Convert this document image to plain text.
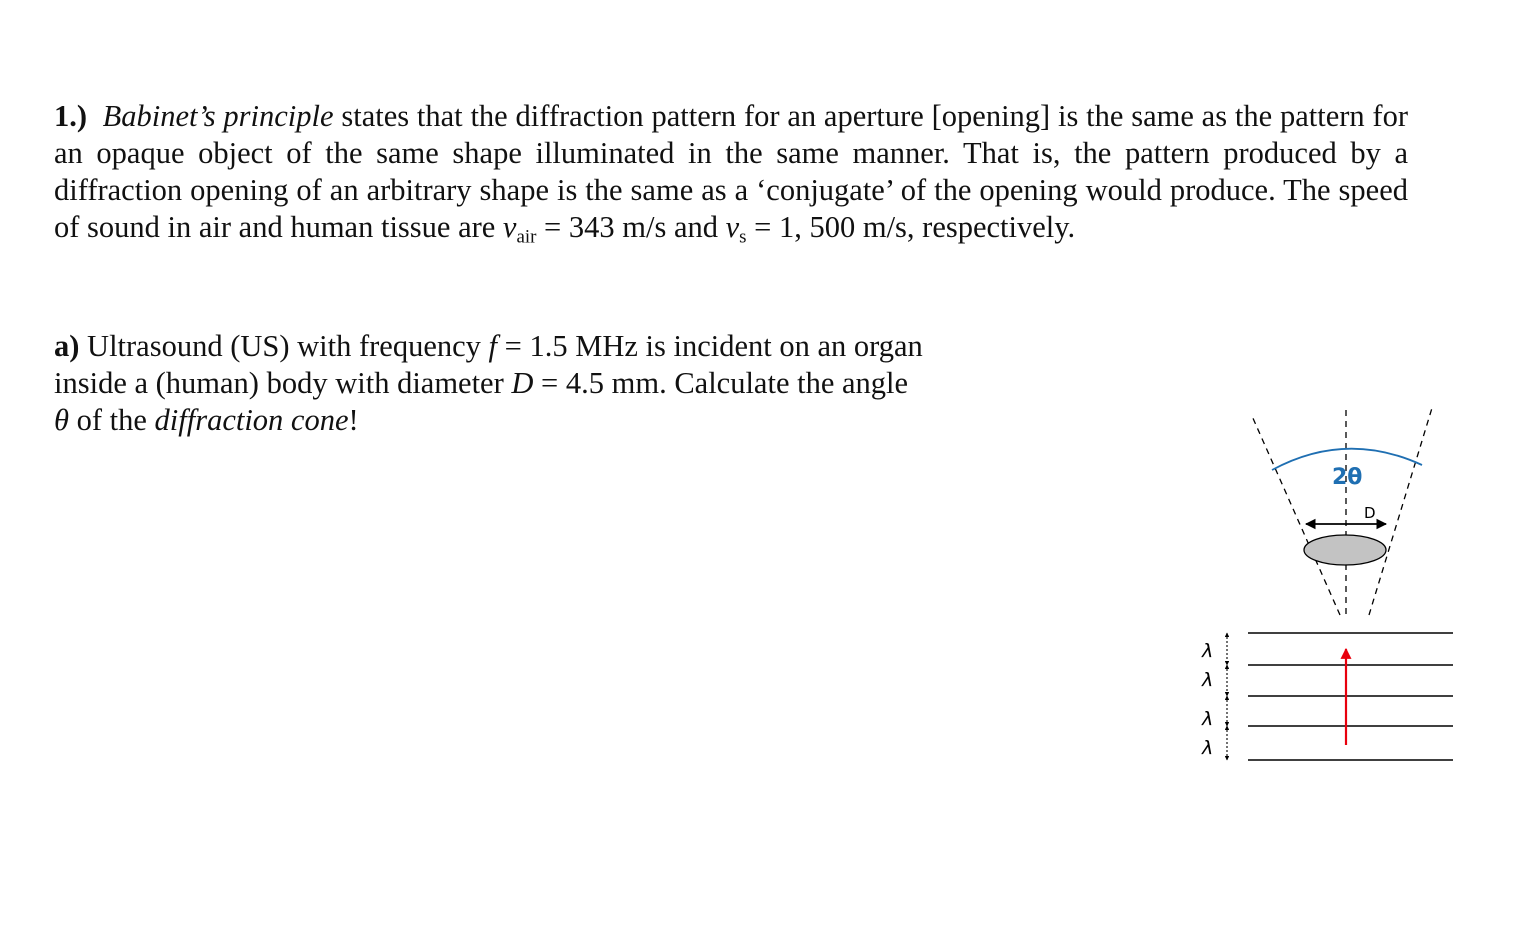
1.) Babinet’s principle states that the diffraction pattern for an aperture [opening] is the same as the pattern for an opaque object of the same shape illuminated in the same manner. That is, the pattern produced by a diffraction opening of an arbitrary shape is the same as a ‘conjugate’ of the opening would produce. The speed of sound in air and human tissue are $v_{air} = 343$ m/s and $v_s = 1$, 500 m/s, respectively.

a) Ultrasound (US) with frequency f = 1.5 MHz is incident on an organ inside a (human) body with diameter D = 4.5 mm. Calculate the angle θ of the diffraction cone!

2θ
D
λ
λ
λ
λ
